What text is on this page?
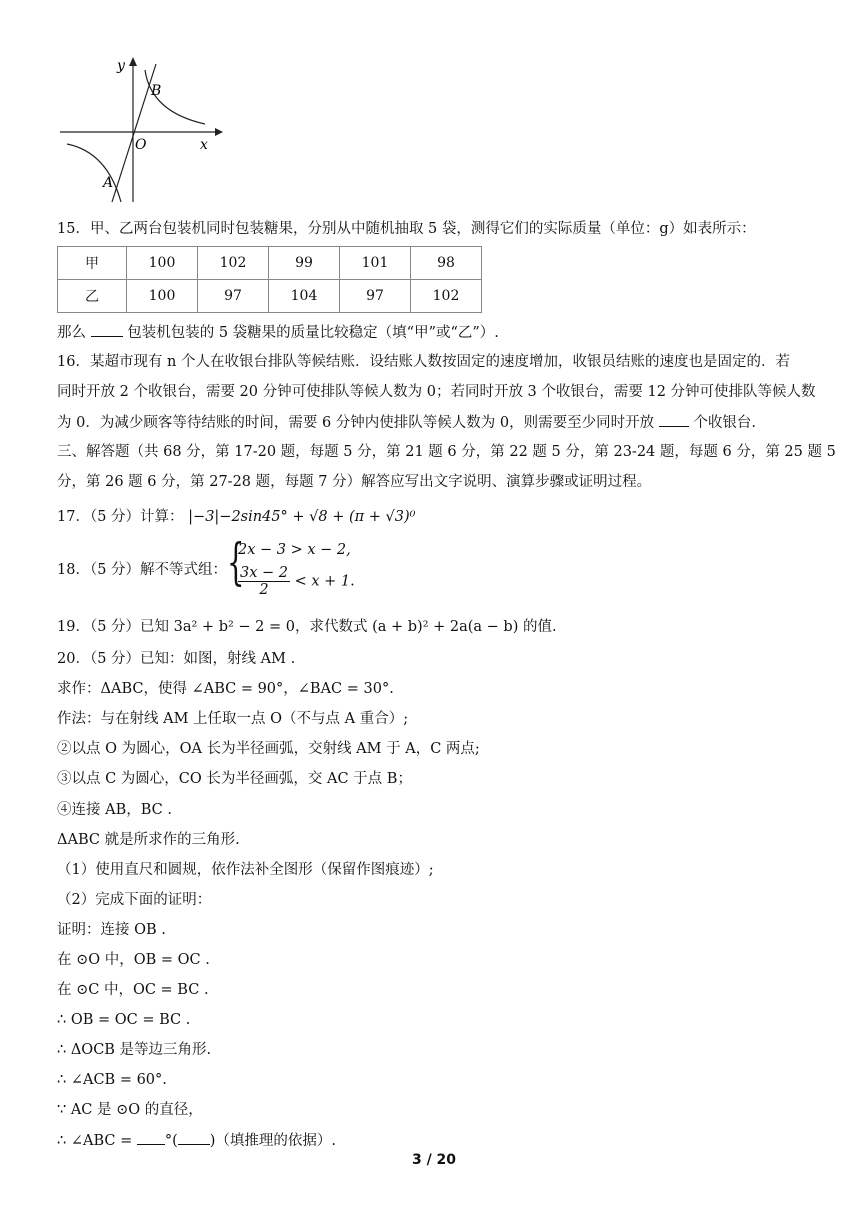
y
x
O
A
B
15．甲、乙两台包装机同时包装糖果，分别从中随机抽取 5 袋，测得它们的实际质量（单位：g）如表所示：
甲	100	102	99	101	98
乙	100	97	104	97	102
那么	包装机包装的 5 袋糖果的质量比较稳定（填“甲”或“乙”）.
16．某超市现有 n 个人在收银台排队等候结账．设结账人数按固定的速度增加，收银员结账的速度也是固定的．若
同时开放 2 个收银台，需要 20 分钟可使排队等候人数为 0；若同时开放 3 个收银台，需要 12 分钟可使排队等候人数
为 0．为减少顾客等待结账的时间，需要 6 分钟内使排队等候人数为 0，则需要至少同时开放	个收银台.
三、解答题（共 68 分，第 17-20 题，每题 5 分，第 21 题 6 分，第 22 题 5 分，第 23-24 题，每题 6 分，第 25 题 5
分，第 26 题 6 分，第 27-28 题，每题 7 分）解答应写出文字说明、演算步骤或证明过程。
17．（5 分）计算： |−3|−2sin45° + √8 + (π + √3)⁰
18．（5 分）解不等式组： {
2x − 3 > x − 2,
$\frac{3x - 2}{2} < x + 1$.
19．（5 分）已知 3a² + b² − 2 = 0，求代数式 (a + b)² + 2a(a − b) 的值.
20．（5 分）已知：如图，射线 AM .
求作：ΔABC，使得 ∠ABC = 90°，∠BAC = 30°.
作法：与在射线 AM 上任取一点 O（不与点 A 重合）;
②以点 O 为圆心，OA 长为半径画弧，交射线 AM 于 A，C 两点;
③以点 C 为圆心，CO 长为半径画弧，交 AC 于点 B；
④连接 AB，BC .
ΔABC 就是所求作的三角形.
（1）使用直尺和圆规，依作法补全图形（保留作图痕迹）;
（2）完成下面的证明：
证明：连接 OB .
在 ⊙O 中，OB = OC .
在 ⊙C 中，OC = BC .
∴ OB = OC = BC .
∴ ΔOCB 是等边三角形.
∴ ∠ACB = 60°.
∵ AC 是 ⊙O 的直径，
∴ ∠ABC = °( )（填推理的依据）.
3 / 20
